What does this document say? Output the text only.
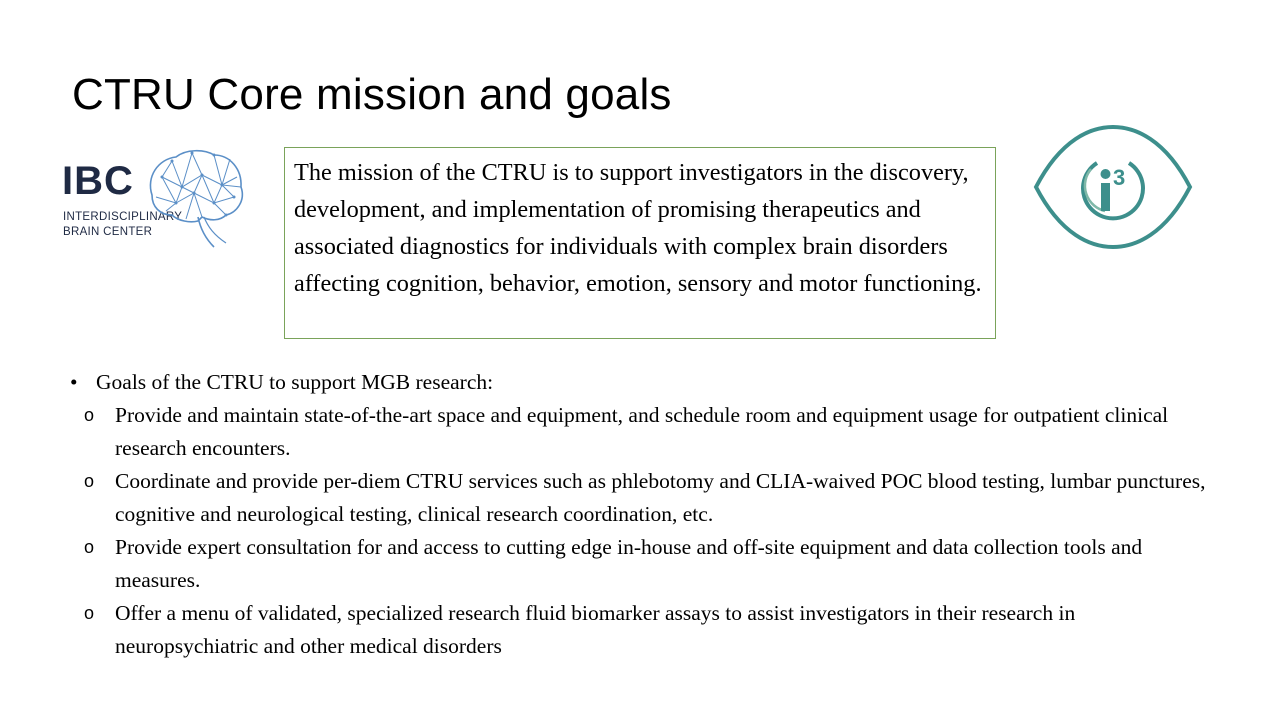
CTRU Core mission and goals
IBC
INTERDISCIPLINARY
BRAIN CENTER
The mission of the CTRU is to support investigators in the discovery, development, and implementation of promising therapeutics and associated diagnostics for individuals with complex brain disorders affecting cognition, behavior, emotion, sensory and motor functioning.
3
• Goals of the CTRU to support MGB research:
o Provide and maintain state-of-the-art space and equipment, and schedule room and equipment usage for outpatient clinical research encounters.
o Coordinate and provide per-diem CTRU services such as phlebotomy and CLIA-waived POC blood testing, lumbar punctures, cognitive and neurological testing, clinical research coordination, etc.
o Provide expert consultation for and access to cutting edge in-house and off-site equipment and data collection tools and measures.
o Offer a menu of validated, specialized research fluid biomarker assays to assist investigators in their research in neuropsychiatric and other medical disorders
